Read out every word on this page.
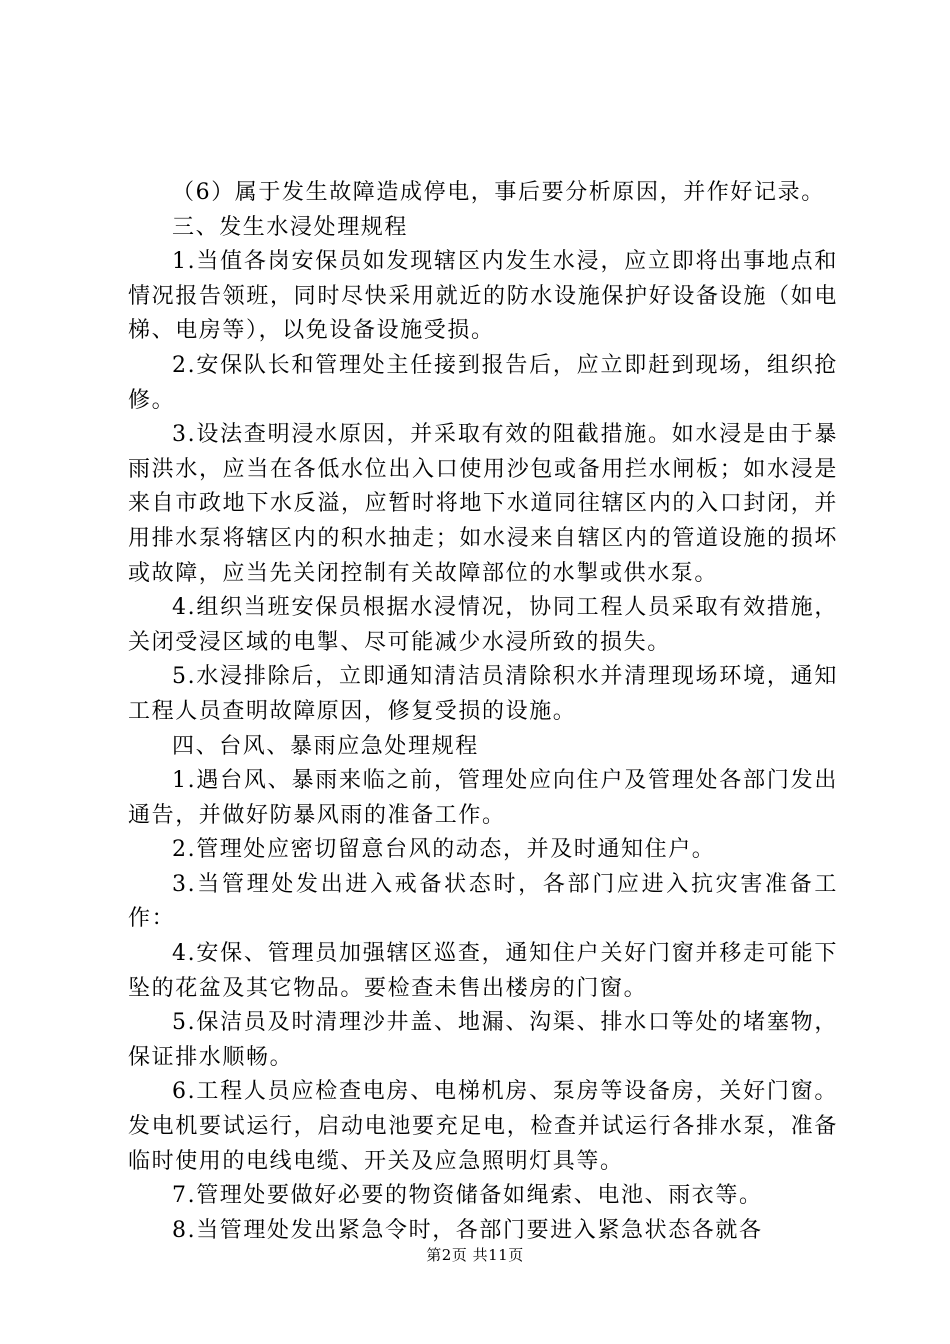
（6）属于发生故障造成停电，事后要分析原因，并作好记录。

三、发生水浸处理规程

1.当值各岗安保员如发现辖区内发生水浸，应立即将出事地点和情况报告领班，同时尽快采用就近的防水设施保护好设备设施（如电梯、电房等），以免设备设施受损。

2.安保队长和管理处主任接到报告后，应立即赶到现场，组织抢修。

3.设法查明浸水原因，并采取有效的阻截措施。如水浸是由于暴雨洪水，应当在各低水位出入口使用沙包或备用拦水闸板；如水浸是来自市政地下水反溢，应暂时将地下水道同往辖区内的入口封闭，并用排水泵将辖区内的积水抽走；如水浸来自辖区内的管道设施的损坏或故障，应当先关闭控制有关故障部位的水掣或供水泵。

4.组织当班安保员根据水浸情况，协同工程人员采取有效措施，关闭受浸区域的电掣、尽可能减少水浸所致的损失。

5.水浸排除后，立即通知清洁员清除积水并清理现场环境，通知工程人员查明故障原因，修复受损的设施。

四、台风、暴雨应急处理规程

1.遇台风、暴雨来临之前，管理处应向住户及管理处各部门发出通告，并做好防暴风雨的准备工作。

2.管理处应密切留意台风的动态，并及时通知住户。

3.当管理处发出进入戒备状态时，各部门应进入抗灾害准备工作：

4.安保、管理员加强辖区巡查，通知住户关好门窗并移走可能下坠的花盆及其它物品。要检查未售出楼房的门窗。

5.保洁员及时清理沙井盖、地漏、沟渠、排水口等处的堵塞物，保证排水顺畅。

6.工程人员应检查电房、电梯机房、泵房等设备房，关好门窗。发电机要试运行，启动电池要充足电，检查并试运行各排水泵，准备临时使用的电线电缆、开关及应急照明灯具等。

7.管理处要做好必要的物资储备如绳索、电池、雨衣等。

8.当管理处发出紧急令时，各部门要进入紧急状态各就各

第2页 共11页
